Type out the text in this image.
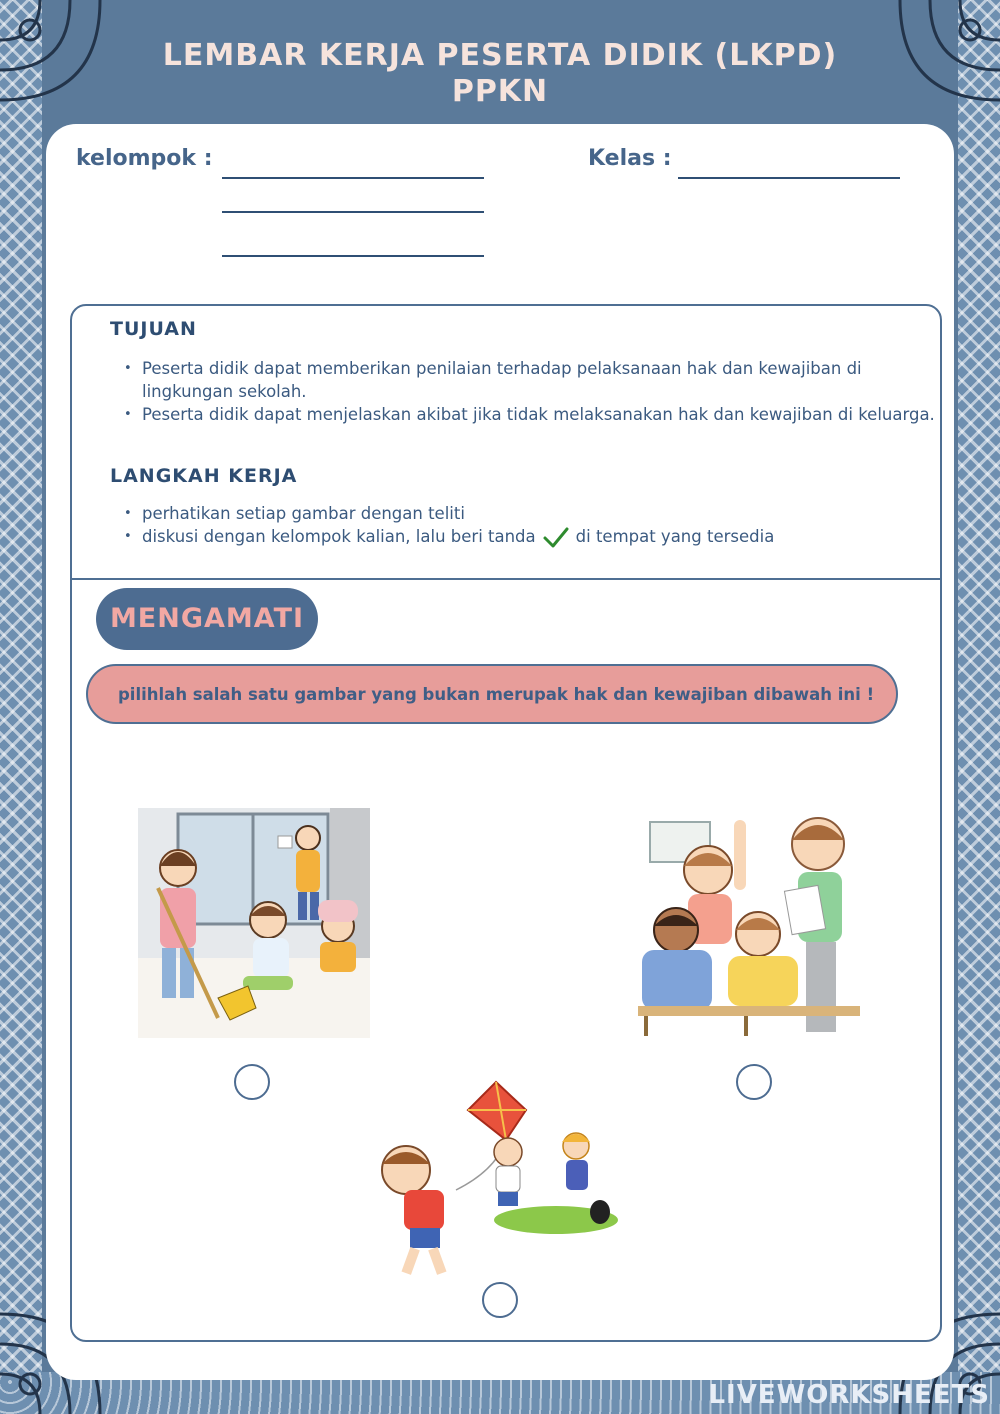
LEMBAR KERJA PESERTA DIDIK (LKPD)
PPKN
kelompok :	Kelas :
TUJUAN
• Peserta didik dapat memberikan penilaian terhadap pelaksanaan hak dan kewajiban di lingkungan sekolah.
• Peserta didik dapat menjelaskan akibat jika tidak melaksanakan hak dan kewajiban di keluarga.
LANGKAH KERJA
• perhatikan setiap gambar dengan teliti
• diskusi dengan kelompok kalian, lalu beri tanda di tempat yang tersedia
MENGAMATI
pilihlah salah satu gambar yang bukan merupak hak dan kewajiban dibawah ini !
LIVEWORKSHEETS
